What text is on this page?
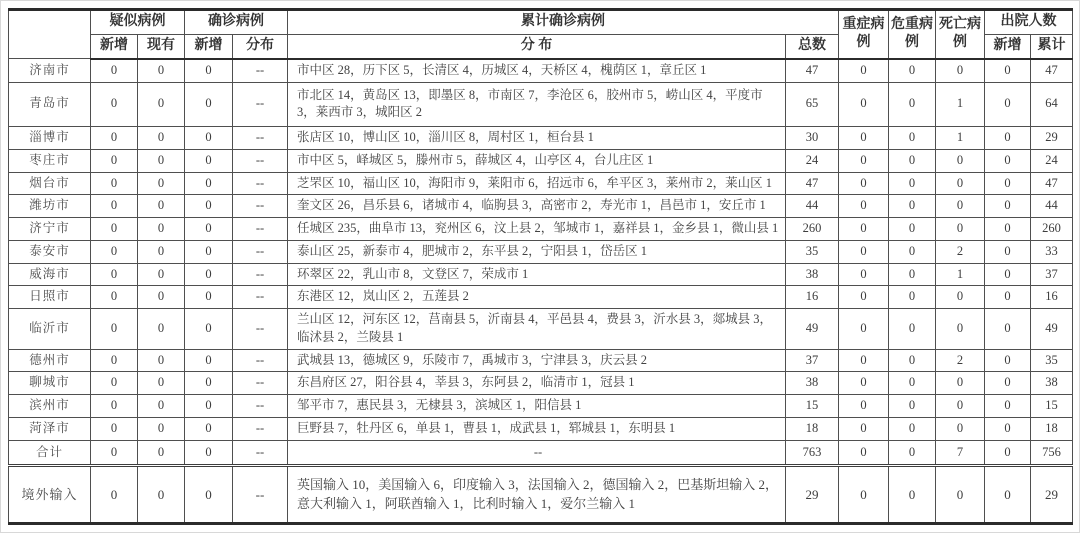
	疑似病例		确诊病例		累计确诊病例		重症病例	危重病例	死亡病例	出院人数	
	新增	现有	新增	分布	分 布	总数				新增	累计
济南市	0	0	0	--	市中区 28，历下区 5，长清区 4，历城区 4，天桥区 4，槐荫区 1，章丘区 1	47	0	0	0	0	47
青岛市	0	0	0	--	市北区 14，黄岛区 13，即墨区 8，市南区 7，李沧区 6，胶州市 5，崂山区 4，平度市 3，莱西市 3，城阳区 2	65	0	0	1	0	64
淄博市	0	0	0	--	张店区 10，博山区 10，淄川区 8，周村区 1，桓台县 1	30	0	0	1	0	29
枣庄市	0	0	0	--	市中区 5，峄城区 5，滕州市 5，薛城区 4，山亭区 4，台儿庄区 1	24	0	0	0	0	24
烟台市	0	0	0	--	芝罘区 10，福山区 10，海阳市 9，莱阳市 6，招远市 6，牟平区 3，莱州市 2，莱山区 1	47	0	0	0	0	47
潍坊市	0	0	0	--	奎文区 26，昌乐县 6，诸城市 4，临朐县 3，高密市 2，寿光市 1，昌邑市 1，安丘市 1	44	0	0	0	0	44
济宁市	0	0	0	--	任城区 235，曲阜市 13，兖州区 6，汶上县 2，邹城市 1，嘉祥县 1，金乡县 1，微山县 1	260	0	0	0	0	260
泰安市	0	0	0	--	泰山区 25，新泰市 4，肥城市 2，东平县 2，宁阳县 1，岱岳区 1	35	0	0	2	0	33
威海市	0	0	0	--	环翠区 22，乳山市 8，文登区 7，荣成市 1	38	0	0	1	0	37
日照市	0	0	0	--	东港区 12，岚山区 2，五莲县 2	16	0	0	0	0	16
临沂市	0	0	0	--	兰山区 12，河东区 12，莒南县 5，沂南县 4，平邑县 4，费县 3，沂水县 3，郯城县 3，临沭县 2，兰陵县 1	49	0	0	0	0	49
德州市	0	0	0	--	武城县 13，德城区 9，乐陵市 7，禹城市 3，宁津县 3，庆云县 2	37	0	0	2	0	35
聊城市	0	0	0	--	东昌府区 27，阳谷县 4，莘县 3，东阿县 2，临清市 1，冠县 1	38	0	0	0	0	38
滨州市	0	0	0	--	邹平市 7，惠民县 3，无棣县 3，滨城区 1，阳信县 1	15	0	0	0	0	15
菏泽市	0	0	0	--	巨野县 7，牡丹区 6，单县 1，曹县 1，成武县 1，郓城县 1，东明县 1	18	0	0	0	0	18
合计	0	0	0	--	--	763	0	0	7	0	756
境外输入	0	0	0	--	英国输入 10，美国输入 6，印度输入 3，法国输入 2，德国输入 2，巴基斯坦输入 2，意大利输入 1，阿联酋输入 1，比利时输入 1，爱尔兰输入 1	29	0	0	0	0	29
